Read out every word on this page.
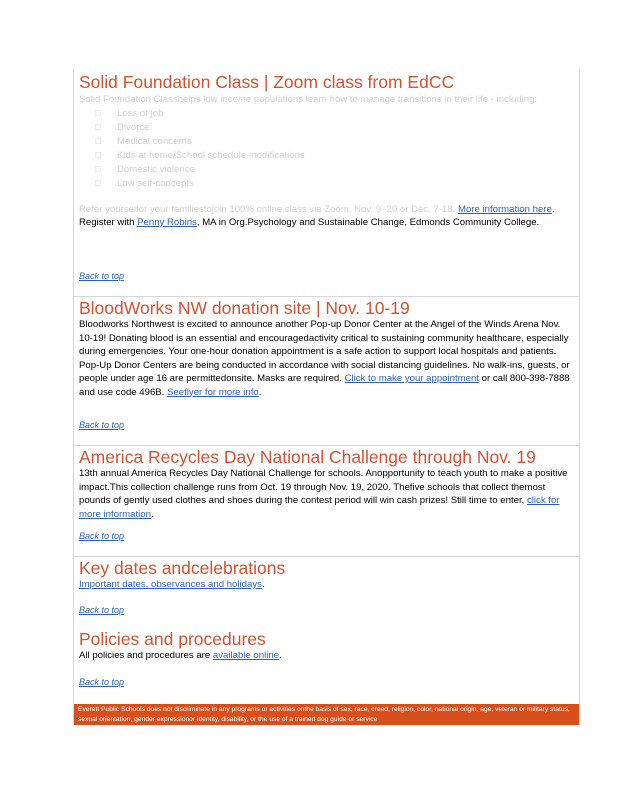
Solid Foundation Class | Zoom class from EdCC

Solid Foundation Classhelps low income populations learn how to manage transitions in their life - including:

□ Loss of job
□ Divorce
□ Medical concerns
□ Kids at home/School schedule modifications
□ Domestic violence
□ Low self-concepts

Refer yourselfor your familiestojoin 100% online class via Zoom, Nov. 9–20 or Dec. 7-18. More information here. Register with Penny Robins, MA in Org.Psychology and Sustainable Change, Edmonds Community College.

Back to top
BloodWorks NW donation site | Nov. 10-19

Bloodworks Northwest is excited to announce another Pop-up Donor Center at the Angel of the Winds Arena Nov. 10-19! Donating blood is an essential and encouragedactivity critical to sustaining community healthcare, especially during emergencies. Your one-hour donation appointment is a safe action to support local hospitals and patients. Pop-Up Donor Centers are being conducted in accordance with social distancing guidelines. No walk-ins, guests, or people under age 16 are permittedonsite. Masks are required. Click to make your appointment or call 800-398-7888 and use code 496B. Seeflyer for more info.

Back to top
America Recycles Day National Challenge through Nov. 19

13th annual America Recycles Day National Challenge for schools. Anopportunity to teach youth to make a positive impact.This collection challenge runs from Oct. 19 through Nov. 19, 2020. Thefive schools that collect themost pounds of gently used clothes and shoes during the contest period will win cash prizes! Still time to enter, click for more information.

Back to top
Key dates andcelebrations

Important dates, observances and holidays.

Back to top
Policies and procedures

All policies and procedures are available online.

Back to top
Everett Public Schools does not discriminate in any programs or activities onthe basis of sex, race, creed, religion, color, national origin, age, veteran or military status, sexual orientation, gender expressionor identity, disability, or the use of a trained dog guide or service
